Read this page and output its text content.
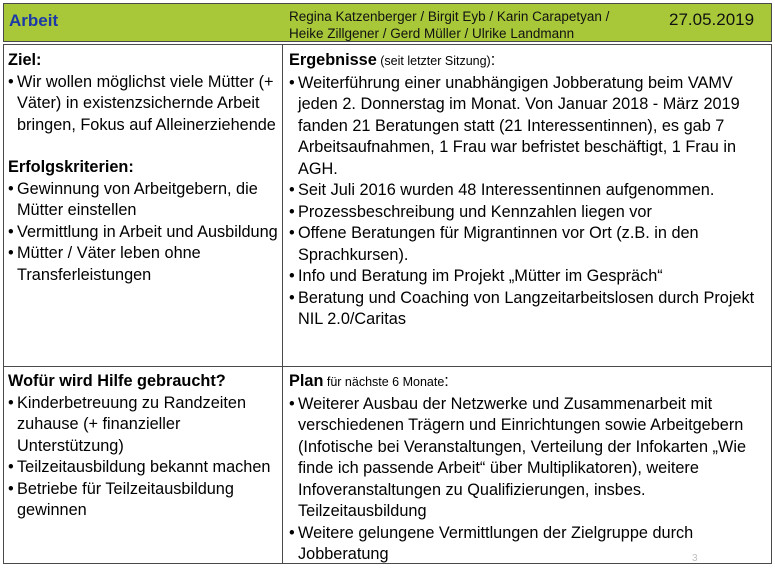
Arbeit	Regina Katzenberger / Birgit Eyb / Karin Carapetyan /
Heike Zillgener / Gerd Müller / Ulrike Landmann
27.05.2019
Ziel:
• Wir wollen möglichst viele Mütter (+ Väter) in existenzsichernde Arbeit bringen, Fokus auf Alleinerziehende
Erfolgskriterien:
• Gewinnung von Arbeitgebern, die Mütter einstellen
• Vermittlung in Arbeit und Ausbildung
• Mütter / Väter leben ohne Transferleistungen
Ergebnisse (seit letzter Sitzung):
• Weiterführung einer unabhängigen Jobberatung beim VAMV jeden 2. Donnerstag im Monat. Von Januar 2018 - März 2019 fanden 21 Beratungen statt (21 Interessentinnen), es gab 7 Arbeitsaufnahmen, 1 Frau war befristet beschäftigt, 1 Frau in AGH.
• Seit Juli 2016 wurden 48 Interessentinnen aufgenommen.
• Prozessbeschreibung und Kennzahlen liegen vor
• Offene Beratungen für Migrantinnen vor Ort (z.B. in den Sprachkursen).
• Info und Beratung im Projekt „Mütter im Gespräch“
• Beratung und Coaching von Langzeitarbeitslosen durch Projekt NIL 2.0/Caritas
Wofür wird Hilfe gebraucht?
• Kinderbetreuung zu Randzeiten zuhause (+ finanzieller Unterstützung)
• Teilzeitausbildung bekannt machen
• Betriebe für Teilzeitausbildung gewinnen
Plan für nächste 6 Monate:
• Weiterer Ausbau der Netzwerke und Zusammenarbeit mit verschiedenen Trägern und Einrichtungen sowie Arbeitgebern (Infotische bei Veranstaltungen, Verteilung der Infokarten „Wie finde ich passende Arbeit“ über Multiplikatoren), weitere Infoveranstaltungen zu Qualifizierungen, insbes. Teilzeitausbildung
• Weitere gelungene Vermittlungen der Zielgruppe durch Jobberatung	3
